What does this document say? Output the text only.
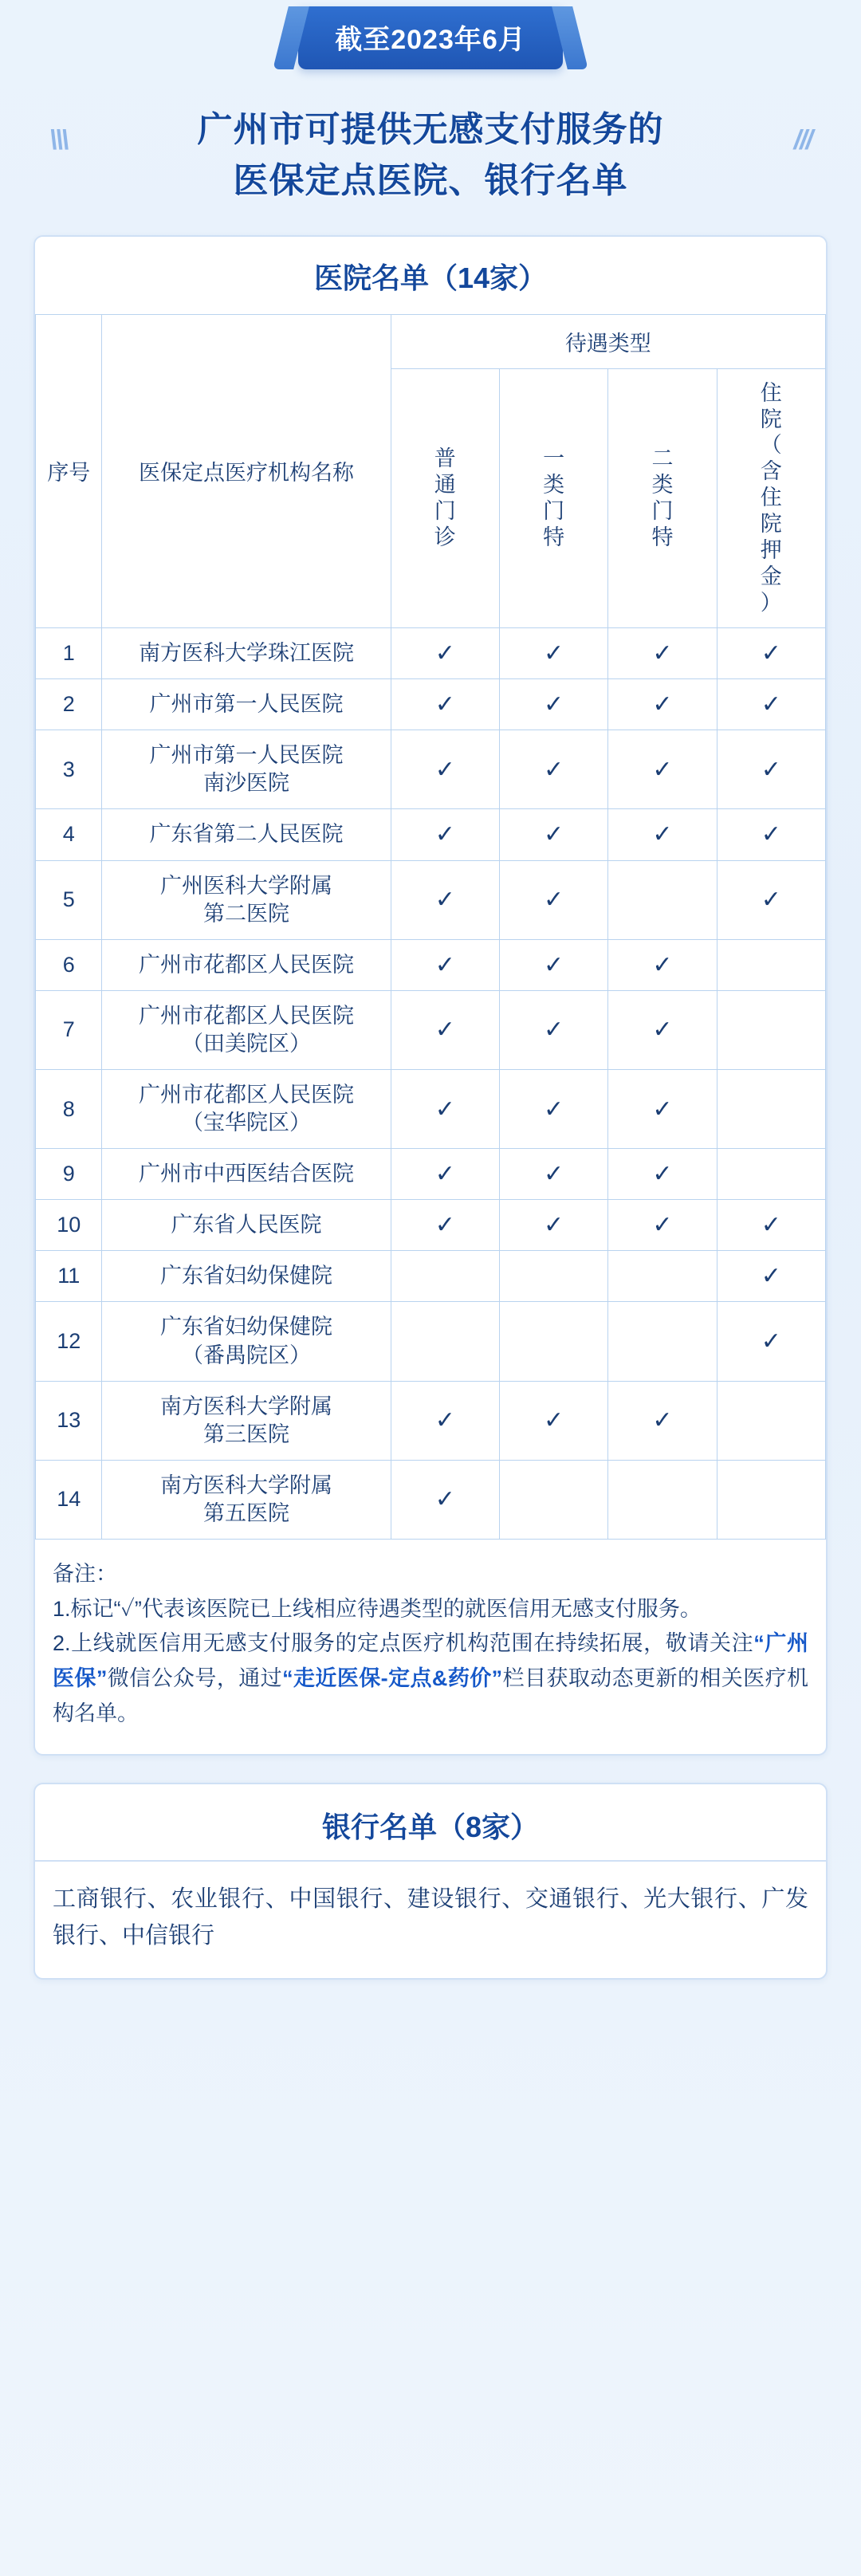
截至2023年6月
\\\	///
广州市可提供无感支付服务的
医保定点医院、银行名单
医院名单（14家）
序号	医保定点医疗机构名称	待遇类型			
普
通
门
诊	一
类
门
特	二
类
门
特	住
院
（
含
住
院
押
金
）
1	南方医科大学珠江医院	✓	✓	✓	✓
2	广州市第一人民医院	✓	✓	✓	✓
3	广州市第一人民医院
南沙医院	✓	✓	✓	✓
4	广东省第二人民医院	✓	✓	✓	✓
5	广州医科大学附属
第二医院	✓	✓		✓
6	广州市花都区人民医院	✓	✓	✓	
7	广州市花都区人民医院
（田美院区）	✓	✓	✓	
8	广州市花都区人民医院
（宝华院区）	✓	✓	✓	
9	广州市中西医结合医院	✓	✓	✓	
10	广东省人民医院	✓	✓	✓	✓
11	广东省妇幼保健院				✓
12	广东省妇幼保健院
（番禺院区）				✓
13	南方医科大学附属
第三医院	✓	✓	✓	
14	南方医科大学附属
第五医院	✓			

备注：

1.标记“✓”代表该医院已上线相应待遇类型的就医信用无感支付服务。

2.上线就医信用无感支付服务的定点医疗机构范围在持续拓展，敬请关注“广州医保”微信公众号，通过“走近医保-定点&药价”栏目获取动态更新的相关医疗机构名单。

银行名单（8家）
工商银行、农业银行、中国银行、建设银行、交通银行、光大银行、广发银行、中信银行
